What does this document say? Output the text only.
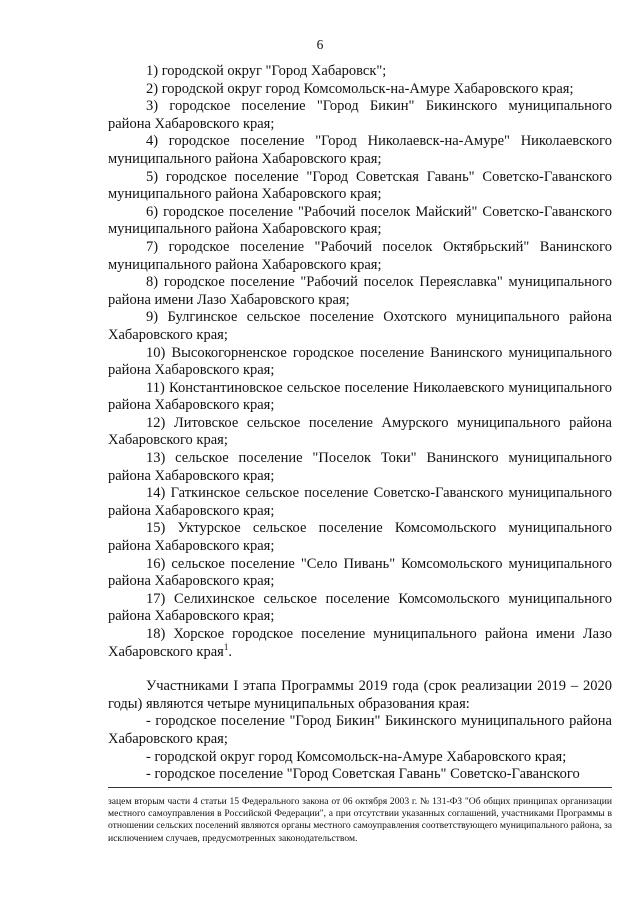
6

1) городской округ "Город Хабаровск";

2) городской округ город Комсомольск-на-Амуре Хабаровского края;

3) городское поселение "Город Бикин" Бикинского муниципального района Хабаровского края;

4) городское поселение "Город Николаевск-на-Амуре" Николаевского муниципального района Хабаровского края;

5) городское поселение "Город Советская Гавань" Советско-Гаванского муниципального района Хабаровского края;

6) городское поселение "Рабочий поселок Майский" Советско-Гаванского муниципального района Хабаровского края;

7) городское поселение "Рабочий поселок Октябрьский" Ванинского муниципального района Хабаровского края;

8) городское поселение "Рабочий поселок Переяславка" муниципального района имени Лазо Хабаровского края;

9) Булгинское сельское поселение Охотского муниципального района Хабаровского края;

10) Высокогорненское городское поселение Ванинского муниципального района Хабаровского края;

11) Константиновское сельское поселение Николаевского муниципального района Хабаровского края;

12) Литовское сельское поселение Амурского муниципального района Хабаровского края;

13) сельское поселение "Поселок Токи" Ванинского муниципального района Хабаровского края;

14) Гаткинское сельское поселение Советско-Гаванского муниципального района Хабаровского края;

15) Уктурское сельское поселение Комсомольского муниципального района Хабаровского края;

16) сельское поселение "Село Пивань" Комсомольского муниципального района Хабаровского края;

17) Селихинское сельское поселение Комсомольского муниципального района Хабаровского края;

18) Хорское городское поселение муниципального района имени Лазо Хабаровского края$^1$.

Участниками I этапа Программы 2019 года (срок реализации 2019 – 2020 годы) являются четыре муниципальных образования края:

- городское поселение "Город Бикин" Бикинского муниципального района Хабаровского края;

- городской округ город Комсомольск-на-Амуре Хабаровского края;

- городское поселение "Город Советская Гавань" Советско-Гаванского

зацем вторым части 4 статьи 15 Федерального закона от 06 октября 2003 г. № 131-ФЗ "Об общих принципах организации местного самоуправления в Российской Федерации", а при отсутствии указанных соглашений, участниками Программы в отношении сельских поселений являются органы местного самоуправления соответствующего муниципального района, за исключением случаев, предусмотренных законодательством.
